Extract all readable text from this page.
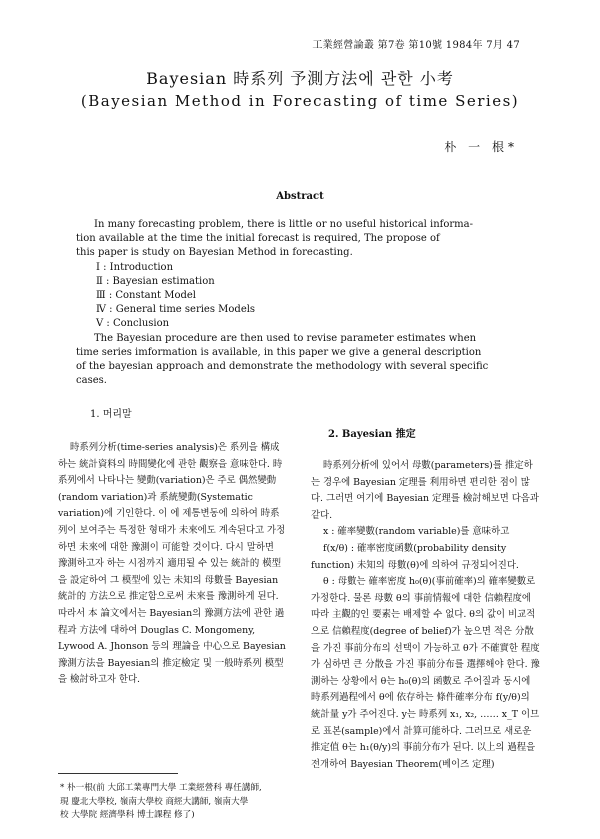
工業經營論叢 第7卷 第10號 1984年 7月 47
Bayesian 時系列 予測方法에 관한 小考
(Bayesian Method in Forecasting of time Series)
朴 一 根*
Abstract
In many forecasting problem, there is little or no useful historical informa-
tion available at the time the initial forecast is required, The propose of
this paper is study on Bayesian Method in forecasting.
Ⅰ : Introduction
Ⅱ : Bayesian estimation
Ⅲ : Constant Model
Ⅳ : General time series Models
Ⅴ : Conclusion
The Bayesian procedure are then used to revise parameter estimates when
time series imformation is available, in this paper we give a general description
of the bayesian approach and demonstrate the methodology with several specific
cases.
1. 머리말

時系列分析(time-series analysis)은 系列을 構成하는 統計資料의 時間變化에 관한 觀察을 意味한다. 時系列에서 나타나는 變動(variation)은 주로 偶然變動(random variation)과 系統變動(Systematic variation)에 기인한다. 이 에 제통변동에 의하여 時系列이 보여주는 특정한 형태가 未來에도 계속된다고 가정하면 未來에 대한 豫測이 可能할 것이다. 다시 말하면 豫測하고자 하는 시점까지 適用될 수 있는 統計的 模型을 設定하여 그 模型에 있는 未知의 母數를 Bayesian 統計的 方法으로 推定함으로써 未來를 豫測하게 된다. 따라서 本 論文에서는 Bayesian의 豫測方法에 관한 過程과 方法에 대하여 Douglas C. Mongomeny, Lywood A. Jhonson 등의 理論을 中心으로 Bayesian豫測方法을 Bayesian의 推定檢定 및 一般時系列 模型을 檢討하고자 한다.

2. Bayesian 推定

時系列分析에 있어서 母數(parameters)를 推定하는 경우에 Bayesian 定理를 利用하면 편리한 점이 많다. 그러면 여기에 Bayesian 定理를 檢討해보면 다음과 같다.

x : 確率變數(random variable)를 意味하고

f(x/θ) : 確率密度函數(probability density function) 未知의 母數(θ)에 의하여 규정되어진다.

θ : 母數는 確率密度 h₀(θ)(事前確率)의 確率變數로 가정한다. 물론 母數 θ의 事前情報에 대한 信賴程度에 따라 主觀的인 要素는 배제할 수 없다. θ의 값이 비교적으로 信賴程度(degree of belief)가 높으면 적은 分散을 가진 事前分布의 선택이 가능하고 θ가 不確實한 程度가 심하면 큰 分散을 가진 事前分布를 選擇해야 한다. 豫測하는 상황에서 θ는 h₀(θ)의 函數로 주어질과 동시에 時系列過程에서 θ에 依存하는 條件確率分布 f(y/θ)의 統計量 y가 주어진다. y는 時系列 x₁, x₂, …… x_T 이므로 표본(sample)에서 計算可能하다. 그러므로 새로운 推定值 θ는 h₁(θ/y)의 事前分布가 된다. 以上의 過程을 전개하여 Bayesian Theorem(베이즈 定理)

* 朴一根(前 大邱工業專門大學 工業經營科 專任講師,

現 慶北大學校, 嶺南大學校 商經大講師, 嶺南大學

校 大學院 經濟學科 博士課程 修了)
